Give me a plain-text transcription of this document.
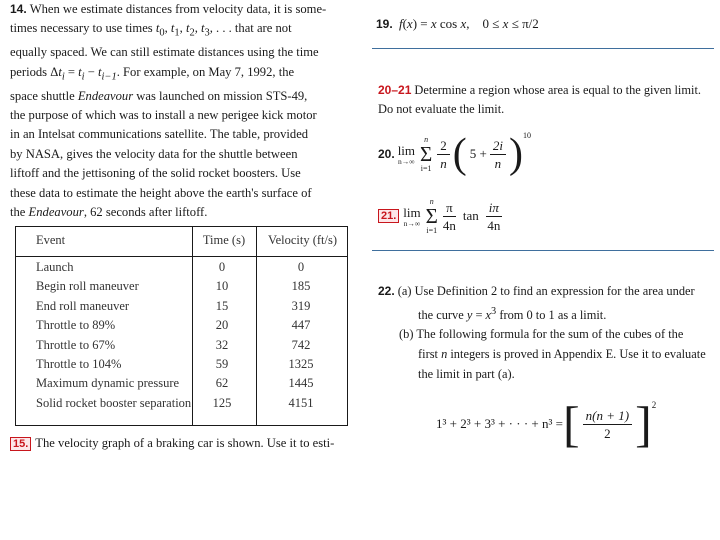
14. When we estimate distances from velocity data, it is some-
times necessary to use times $t_0$, $t_1$, $t_2$, $t_3$, . . . that are not
equally spaced. We can still estimate distances using the time
periods $\Delta t_i = t_i - t_{i-1}$. For example, on May 7, 1992, the
space shuttle Endeavour was launched on mission STS-49,
the purpose of which was to install a new perigee kick motor
in an Intelsat communications satellite. The table, provided
by NASA, gives the velocity data for the shuttle between
liftoff and the jettisoning of the solid rocket boosters. Use
these data to estimate the height above the earth's surface of
the Endeavour, 62 seconds after liftoff.
Event	Time (s)	Velocity (ft/s)
Launch	0	0
Begin roll maneuver	10	185
End roll maneuver	15	319
Throttle to 89%	20	447
Throttle to 67%	32	742
Throttle to 104%	59	1325
Maximum dynamic pressure	62	1445
Solid rocket booster separation	125	4151
15. The velocity graph of a braking car is shown. Use it to esti-
19. f(x) = x cos x, 0 ≤ x ≤ π/2
20–21 Determine a region whose area is equal to the given limit.
Do not evaluate the limit.
20. lim
n→∞
n
Σ
$i=1 \frac{2}{n}$ ( $5 + \frac{2i}{n}$ ) 10
21. lim
n→∞
n
Σ
$i=1 \frac{\pi}{4n}$ $\tan \frac{i\pi}{4n}$
22. (a) Use Definition 2 to find an expression for the area under
the curve $y = x^3$ from 0 to 1 as a limit.
(b) The following formula for the sum of the cubes of the
first n integers is proved in Appendix E. Use it to evaluate
the limit in part (a).
1³ + 2³ + 3³ + · · · + n³ = [ $\frac{n(n + 1)}{2}$ ] 2
